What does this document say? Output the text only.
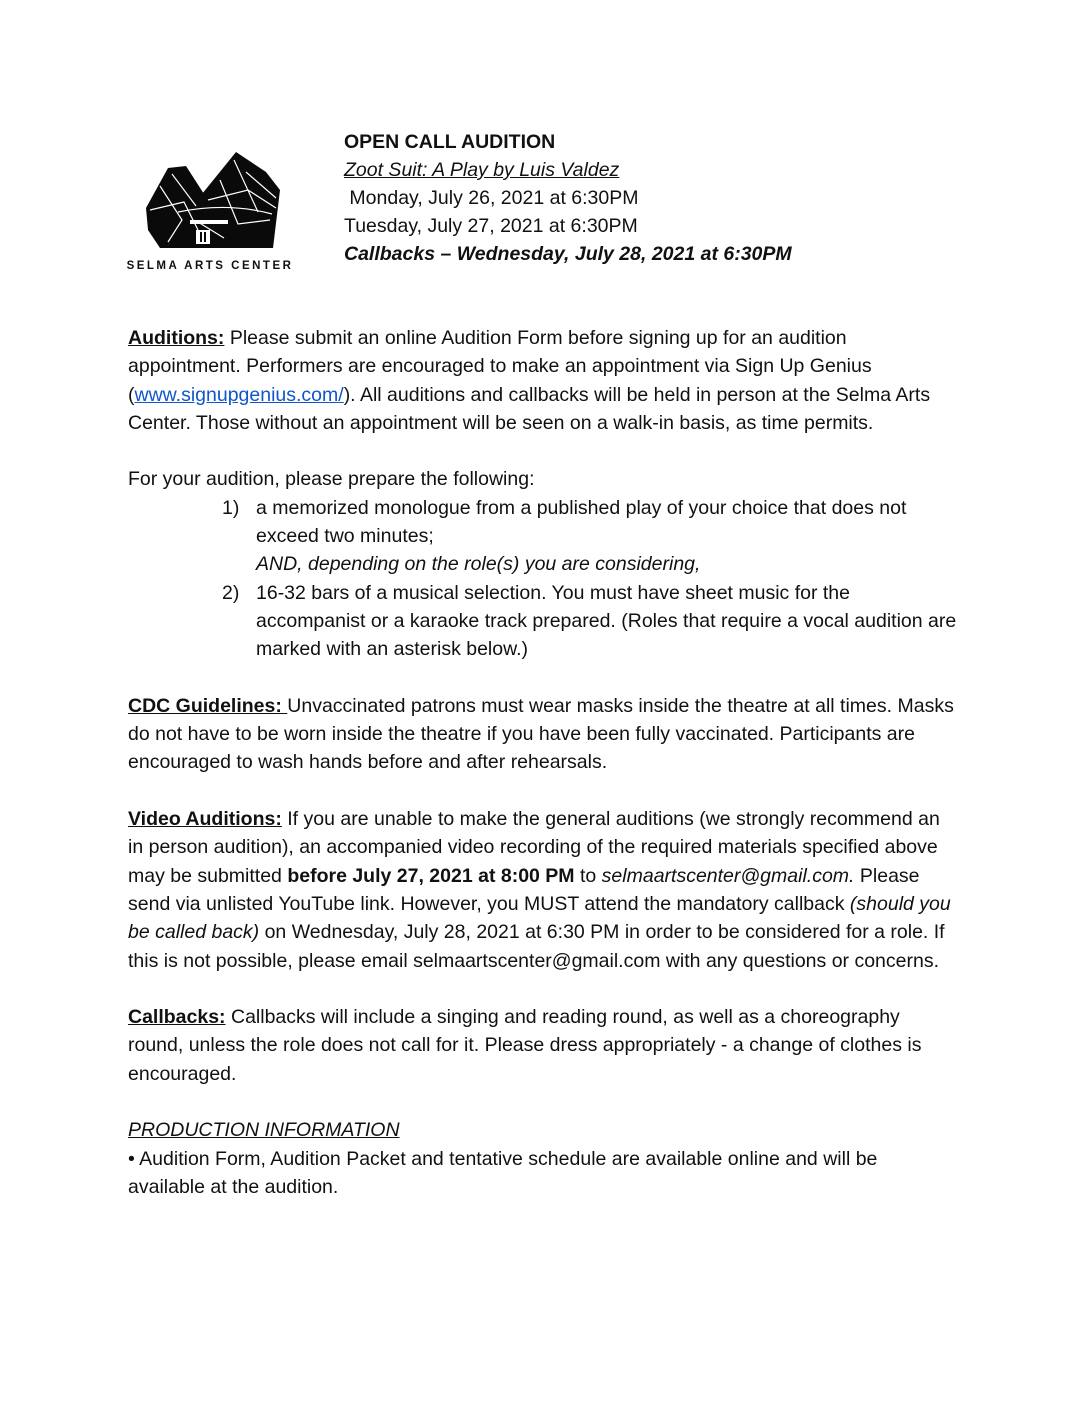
SELMA ARTS CENTER
OPEN CALL AUDITION
Zoot Suit: A Play by Luis Valdez
Monday, July 26, 2021 at 6:30PM
Tuesday, July 27, 2021 at 6:30PM
Callbacks – Wednesday, July 28, 2021 at 6:30PM

Auditions: Please submit an online Audition Form before signing up for an audition appointment. Performers are encouraged to make an appointment via Sign Up Genius (www.signupgenius.com/). All auditions and callbacks will be held in person at the Selma Arts Center. Those without an appointment will be seen on a walk-in basis, as time permits.

For your audition, please prepare the following:

1) a memorized monologue from a published play of your choice that does not exceed two minutes;
AND, depending on the role(s) you are considering,
2) 16-32 bars of a musical selection. You must have sheet music for the accompanist or a karaoke track prepared. (Roles that require a vocal audition are marked with an asterisk below.)

CDC Guidelines: Unvaccinated patrons must wear masks inside the theatre at all times. Masks do not have to be worn inside the theatre if you have been fully vaccinated. Participants are encouraged to wash hands before and after rehearsals.

Video Auditions: If you are unable to make the general auditions (we strongly recommend an in person audition), an accompanied video recording of the required materials specified above may be submitted before July 27, 2021 at 8:00 PM to selmaartscenter@gmail.com. Please send via unlisted YouTube link. However, you MUST attend the mandatory callback (should you be called back) on Wednesday, July 28, 2021 at 6:30 PM in order to be considered for a role. If this is not possible, please email selmaartscenter@gmail.com with any questions or concerns.

Callbacks: Callbacks will include a singing and reading round, as well as a choreography round, unless the role does not call for it. Please dress appropriately - a change of clothes is encouraged.

PRODUCTION INFORMATION

• Audition Form, Audition Packet and tentative schedule are available online and will be available at the audition.
